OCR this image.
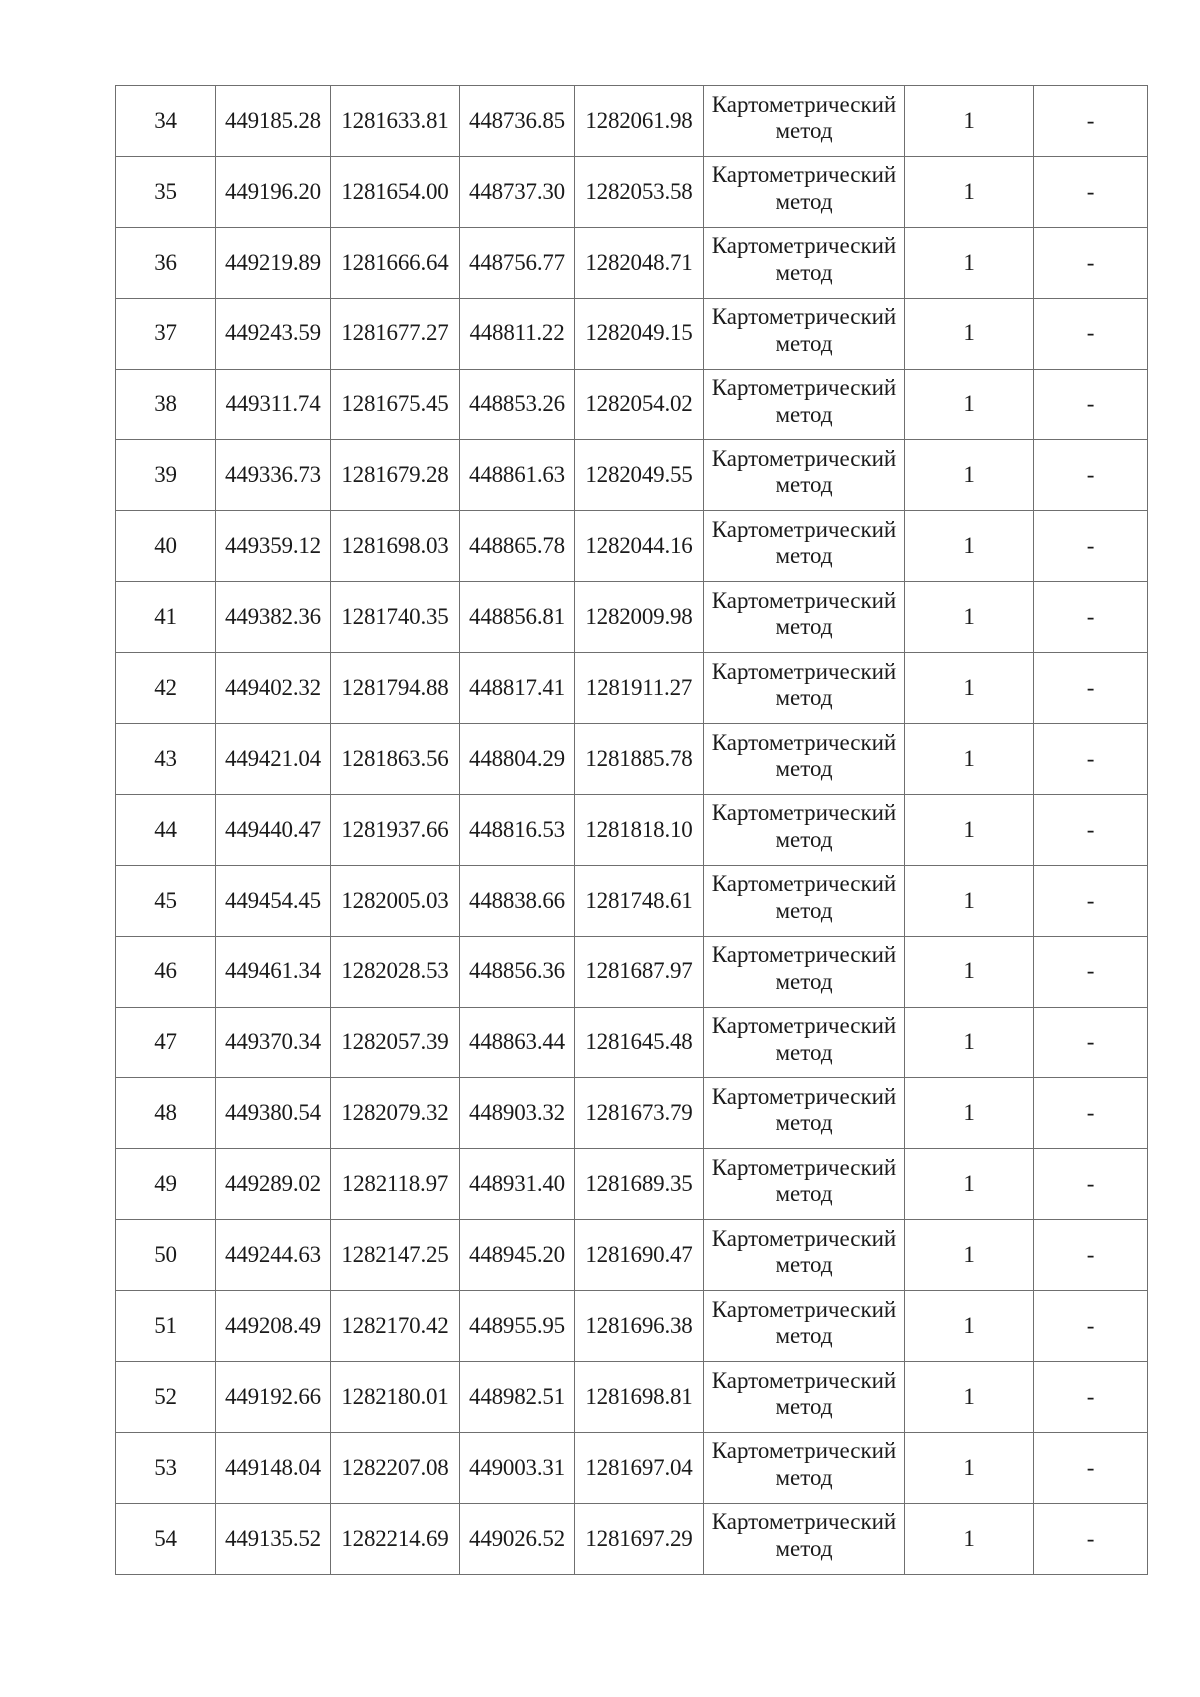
34	449185.28	1281633.81	448736.85	1282061.98	Картометрический
метод	1	-
35	449196.20	1281654.00	448737.30	1282053.58	Картометрический
метод	1	-
36	449219.89	1281666.64	448756.77	1282048.71	Картометрический
метод	1	-
37	449243.59	1281677.27	448811.22	1282049.15	Картометрический
метод	1	-
38	449311.74	1281675.45	448853.26	1282054.02	Картометрический
метод	1	-
39	449336.73	1281679.28	448861.63	1282049.55	Картометрический
метод	1	-
40	449359.12	1281698.03	448865.78	1282044.16	Картометрический
метод	1	-
41	449382.36	1281740.35	448856.81	1282009.98	Картометрический
метод	1	-
42	449402.32	1281794.88	448817.41	1281911.27	Картометрический
метод	1	-
43	449421.04	1281863.56	448804.29	1281885.78	Картометрический
метод	1	-
44	449440.47	1281937.66	448816.53	1281818.10	Картометрический
метод	1	-
45	449454.45	1282005.03	448838.66	1281748.61	Картометрический
метод	1	-
46	449461.34	1282028.53	448856.36	1281687.97	Картометрический
метод	1	-
47	449370.34	1282057.39	448863.44	1281645.48	Картометрический
метод	1	-
48	449380.54	1282079.32	448903.32	1281673.79	Картометрический
метод	1	-
49	449289.02	1282118.97	448931.40	1281689.35	Картометрический
метод	1	-
50	449244.63	1282147.25	448945.20	1281690.47	Картометрический
метод	1	-
51	449208.49	1282170.42	448955.95	1281696.38	Картометрический
метод	1	-
52	449192.66	1282180.01	448982.51	1281698.81	Картометрический
метод	1	-
53	449148.04	1282207.08	449003.31	1281697.04	Картометрический
метод	1	-
54	449135.52	1282214.69	449026.52	1281697.29	Картометрический
метод	1	-
